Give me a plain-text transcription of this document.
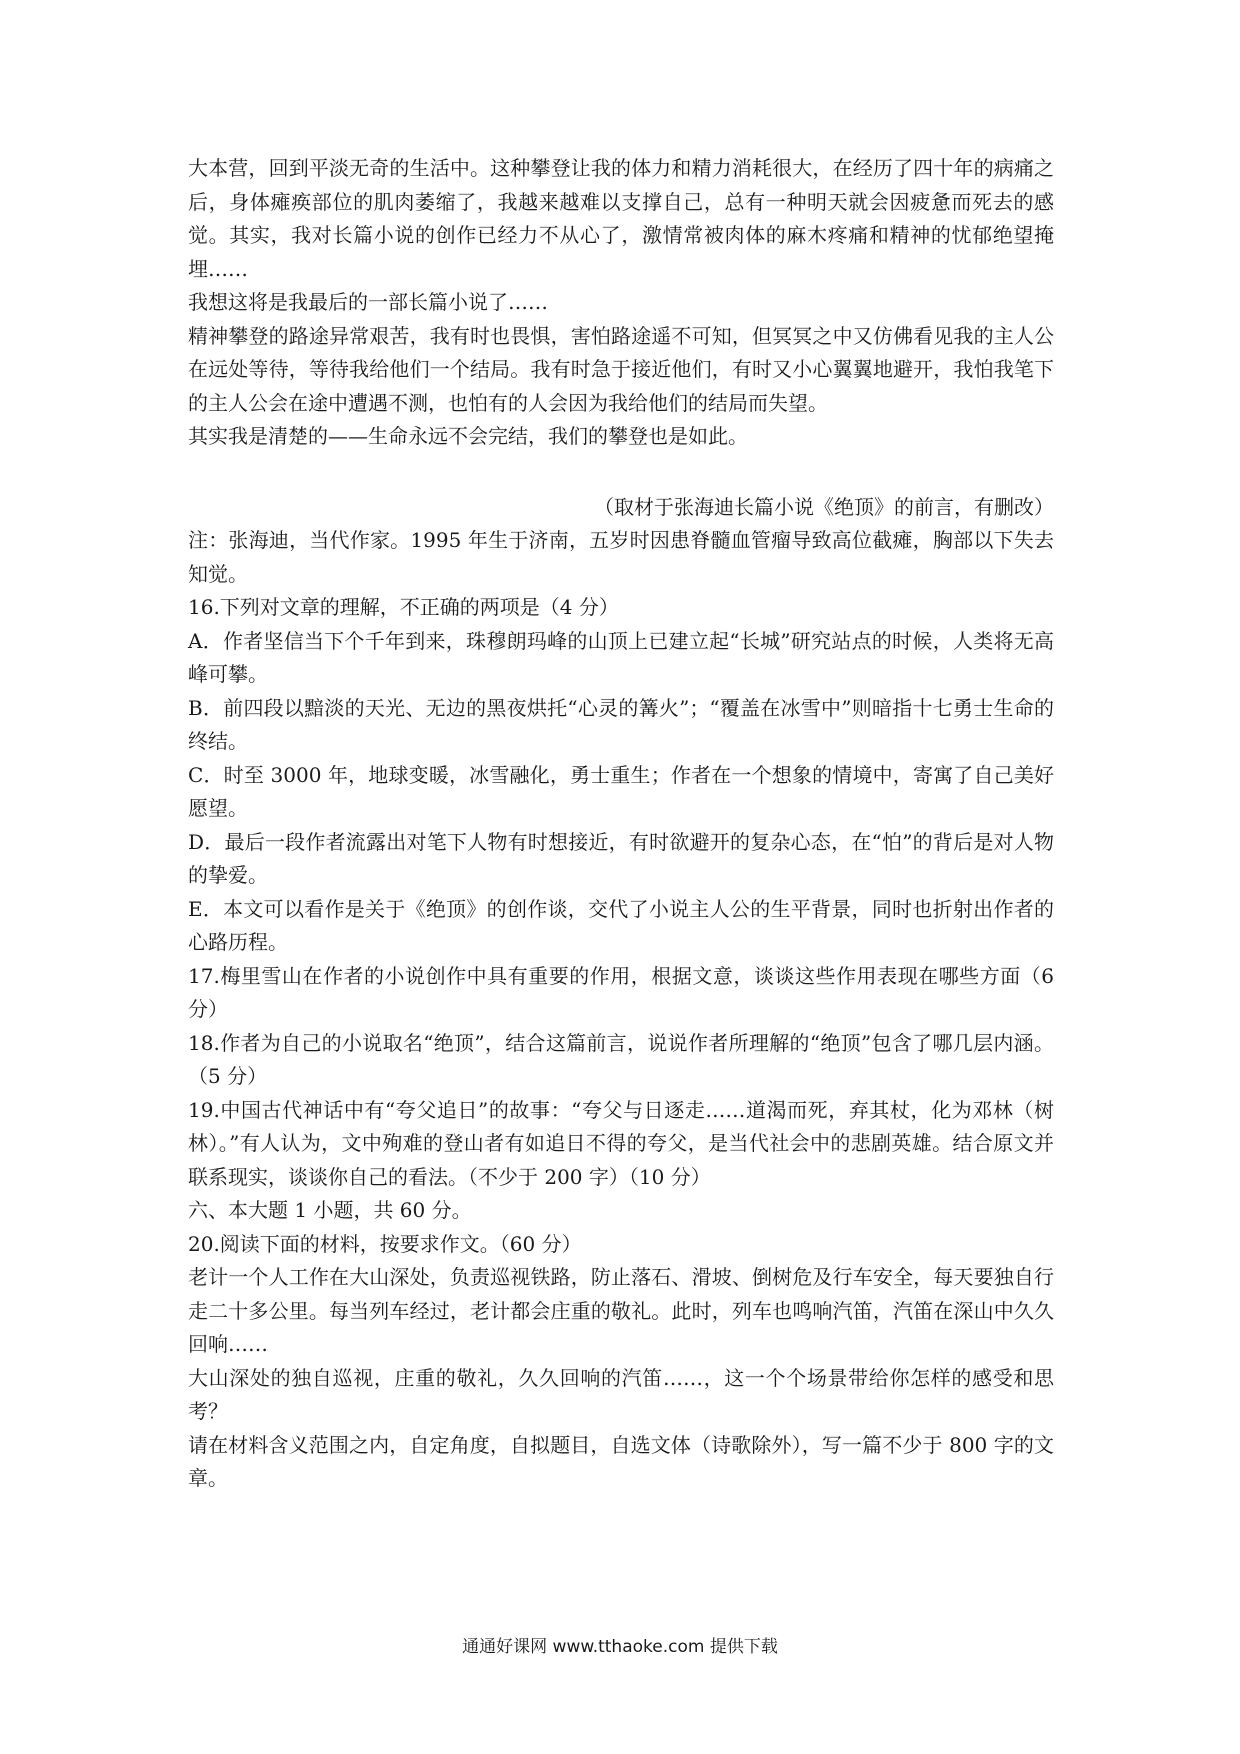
大本营，回到平淡无奇的生活中。这种攀登让我的体力和精力消耗很大，在经历了四十年的病痛之后，身体瘫痪部位的肌肉萎缩了，我越来越难以支撑自己，总有一种明天就会因疲惫而死去的感觉。其实，我对长篇小说的创作已经力不从心了，激情常被肉体的麻木疼痛和精神的忧郁绝望掩埋……

我想这将是我最后的一部长篇小说了……

精神攀登的路途异常艰苦，我有时也畏惧，害怕路途遥不可知，但冥冥之中又仿佛看见我的主人公在远处等待，等待我给他们一个结局。我有时急于接近他们，有时又小心翼翼地避开，我怕我笔下的主人公会在途中遭遇不测，也怕有的人会因为我给他们的结局而失望。

其实我是清楚的——生命永远不会完结，我们的攀登也是如此。

（取材于张海迪长篇小说《绝顶》的前言，有删改）

注：张海迪，当代作家。1995 年生于济南，五岁时因患脊髓血管瘤导致高位截瘫，胸部以下失去知觉。

16.下列对文章的理解，不正确的两项是（4 分）

A．作者坚信当下个千年到来，珠穆朗玛峰的山顶上已建立起“长城”研究站点的时候，人类将无高峰可攀。

B．前四段以黯淡的天光、无边的黑夜烘托“心灵的篝火”；“覆盖在冰雪中”则暗指十七勇士生命的终结。

C．时至 3000 年，地球变暖，冰雪融化，勇士重生；作者在一个想象的情境中，寄寓了自己美好愿望。

D．最后一段作者流露出对笔下人物有时想接近，有时欲避开的复杂心态，在“怕”的背后是对人物的挚爱。

E．本文可以看作是关于《绝顶》的创作谈，交代了小说主人公的生平背景，同时也折射出作者的心路历程。

17.梅里雪山在作者的小说创作中具有重要的作用，根据文意，谈谈这些作用表现在哪些方面（6 分）

18.作者为自己的小说取名“绝顶”，结合这篇前言，说说作者所理解的“绝顶”包含了哪几层内涵。（5 分）

19.中国古代神话中有“夸父追日”的故事：“夸父与日逐走……道渴而死，弃其杖，化为邓林（树林）。”有人认为，文中殉难的登山者有如追日不得的夸父，是当代社会中的悲剧英雄。结合原文并联系现实，谈谈你自己的看法。（不少于 200 字）（10 分）

六、本大题 1 小题，共 60 分。

20.阅读下面的材料，按要求作文。（60 分）

老计一个人工作在大山深处，负责巡视铁路，防止落石、滑坡、倒树危及行车安全，每天要独自行走二十多公里。每当列车经过，老计都会庄重的敬礼。此时，列车也鸣响汽笛，汽笛在深山中久久回响……

大山深处的独自巡视，庄重的敬礼，久久回响的汽笛……，这一个个场景带给你怎样的感受和思考？

请在材料含义范围之内，自定角度，自拟题目，自选文体（诗歌除外），写一篇不少于 800 字的文章。

通通好课网 www.tthaoke.com 提供下载
